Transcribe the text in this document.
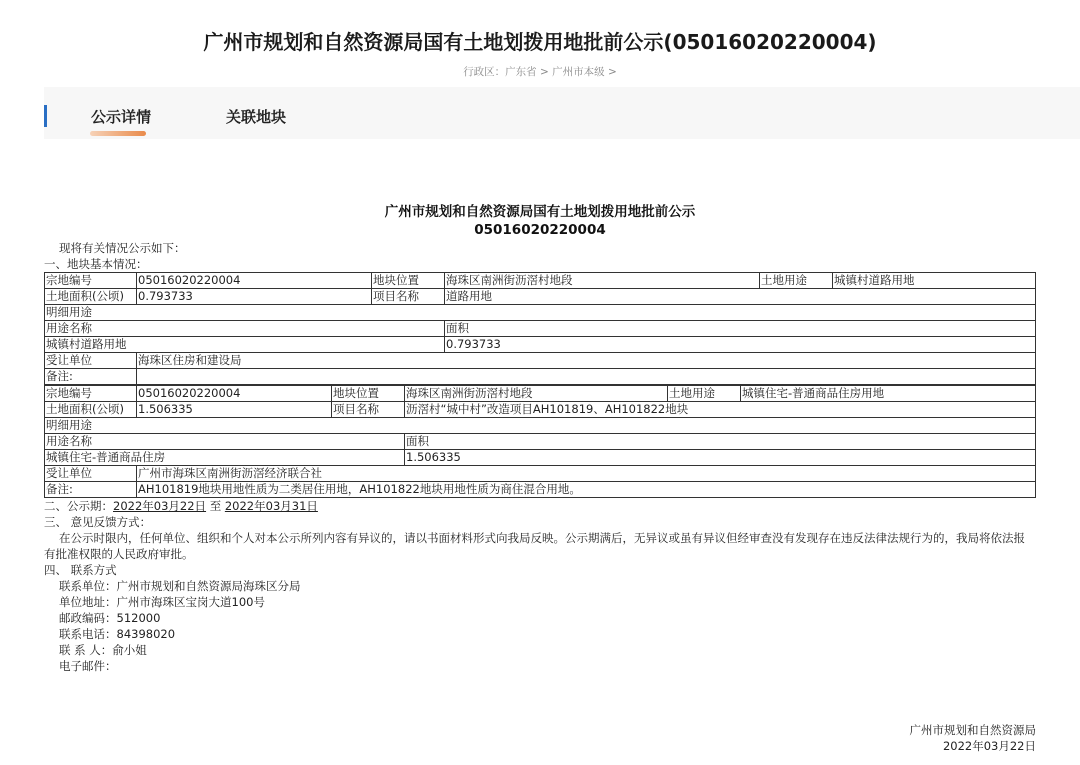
广州市规划和自然资源局国有土地划拨用地批前公示(05016020220004)
行政区：广东省 > 广州市本级 >
公示详情	关联地块
广州市规划和自然资源局国有土地划拨用地批前公示
05016020220004
现将有关情况公示如下：
一、地块基本情况：
宗地编号	05016020220004	地块位置	海珠区南洲街沥滘村地段	土地用途	城镇村道路用地
土地面积(公顷)	0.793733	项目名称	道路用地		
明细用途					
用途名称			面积		
城镇村道路用地			0.793733		
受让单位	海珠区住房和建设局				
备注:					
宗地编号	05016020220004	地块位置	海珠区南洲街沥滘村地段	土地用途	城镇住宅-普通商品住房用地
土地面积(公顷)	1.506335	项目名称	沥滘村“城中村”改造项目AH101819、AH101822地块		
明细用途					
用途名称			面积		
城镇住宅-普通商品住房			1.506335		
受让单位	广州市海珠区南洲街沥滘经济联合社				
备注:	AH101819地块用地性质为二类居住用地，AH101822地块用地性质为商住混合用地。				
二、公示期：2022年03月22日 至 2022年03月31日
三、 意见反馈方式：
在公示时限内，任何单位、组织和个人对本公示所列内容有异议的，请以书面材料形式向我局反映。公示期满后，无异议或虽有异议但经审查没有发现存在违反法律法规行为的，我局将依法报有批准权限的人民政府审批。
四、 联系方式
联系单位：广州市规划和自然资源局海珠区分局
单位地址：广州市海珠区宝岗大道100号
邮政编码：512000
联系电话：84398020
联 系 人：俞小姐
电子邮件：
广州市规划和自然资源局
2022年03月22日
